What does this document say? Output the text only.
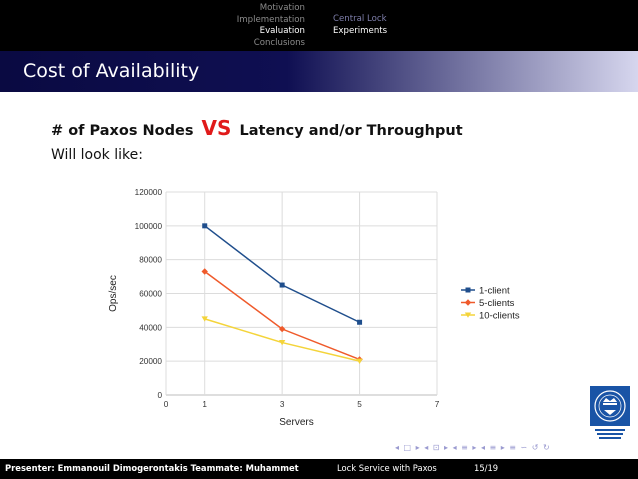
Motivation
Implementation
Evaluation
Conclusions
Central Lock
Experiments
Cost of Availability
# of Paxos Nodes VS Latency and/or Throughput
Will look like:
0
20000
40000
60000
80000
100000
120000
0	1	3	5	7
Servers
Ops/sec	1-client
5-clients
10-clients
◂ □ ▸ ◂ ⊡ ▸ ◂ ≡ ▸ ◂ ≡ ▸ ≡ ∽ ↺ ↻
Presenter: Emmanouil Dimogerontakis Teammate: Muhammet	Lock Service with Paxos	15/19
